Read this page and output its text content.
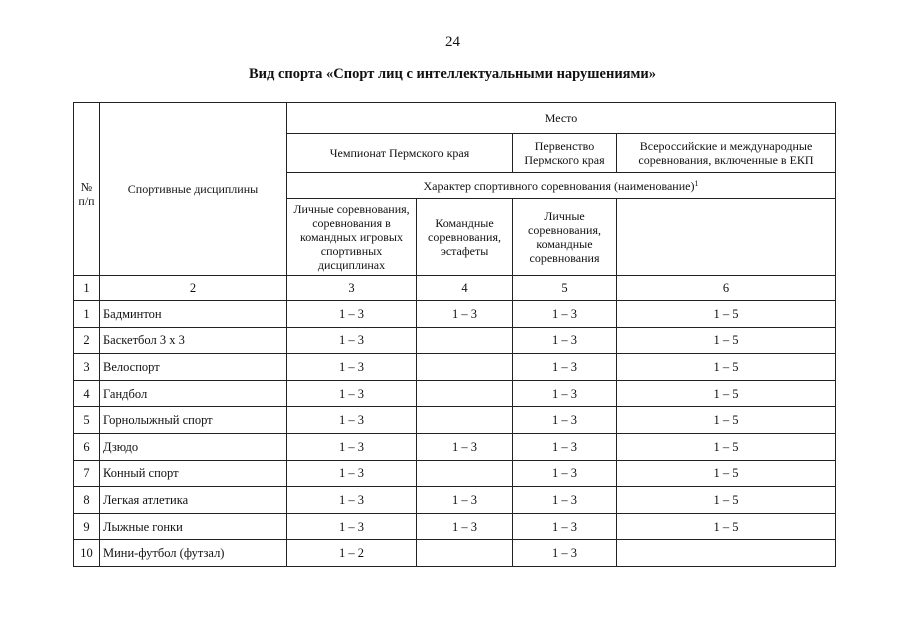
24
Вид спорта «Спорт лиц с интеллектуальными нарушениями»
№
п/п	Спортивные дисциплины	Место			
		Чемпионат Пермского края		Первенство Пермского края	Всероссийские и международные соревнования, включенные в ЕКП
		Характер спортивного соревнования (наименование)$^1$
		Личные соревнования, соревнования в командных игровых спортивных дисциплинах	Командные соревнования, эстафеты	Личные соревнования, командные соревнования	
1	2	3	4	5	6
1	Бадминтон	1 – 3	1 – 3	1 – 3	1 – 5
2	Баскетбол 3 х 3	1 – 3		1 – 3	1 – 5
3	Велоспорт	1 – 3		1 – 3	1 – 5
4	Гандбол	1 – 3		1 – 3	1 – 5
5	Горнолыжный спорт	1 – 3		1 – 3	1 – 5
6	Дзюдо	1 – 3	1 – 3	1 – 3	1 – 5
7	Конный спорт	1 – 3		1 – 3	1 – 5
8	Легкая атлетика	1 – 3	1 – 3	1 – 3	1 – 5
9	Лыжные гонки	1 – 3	1 – 3	1 – 3	1 – 5
10	Мини-футбол (футзал)	1 – 2		1 – 3	
